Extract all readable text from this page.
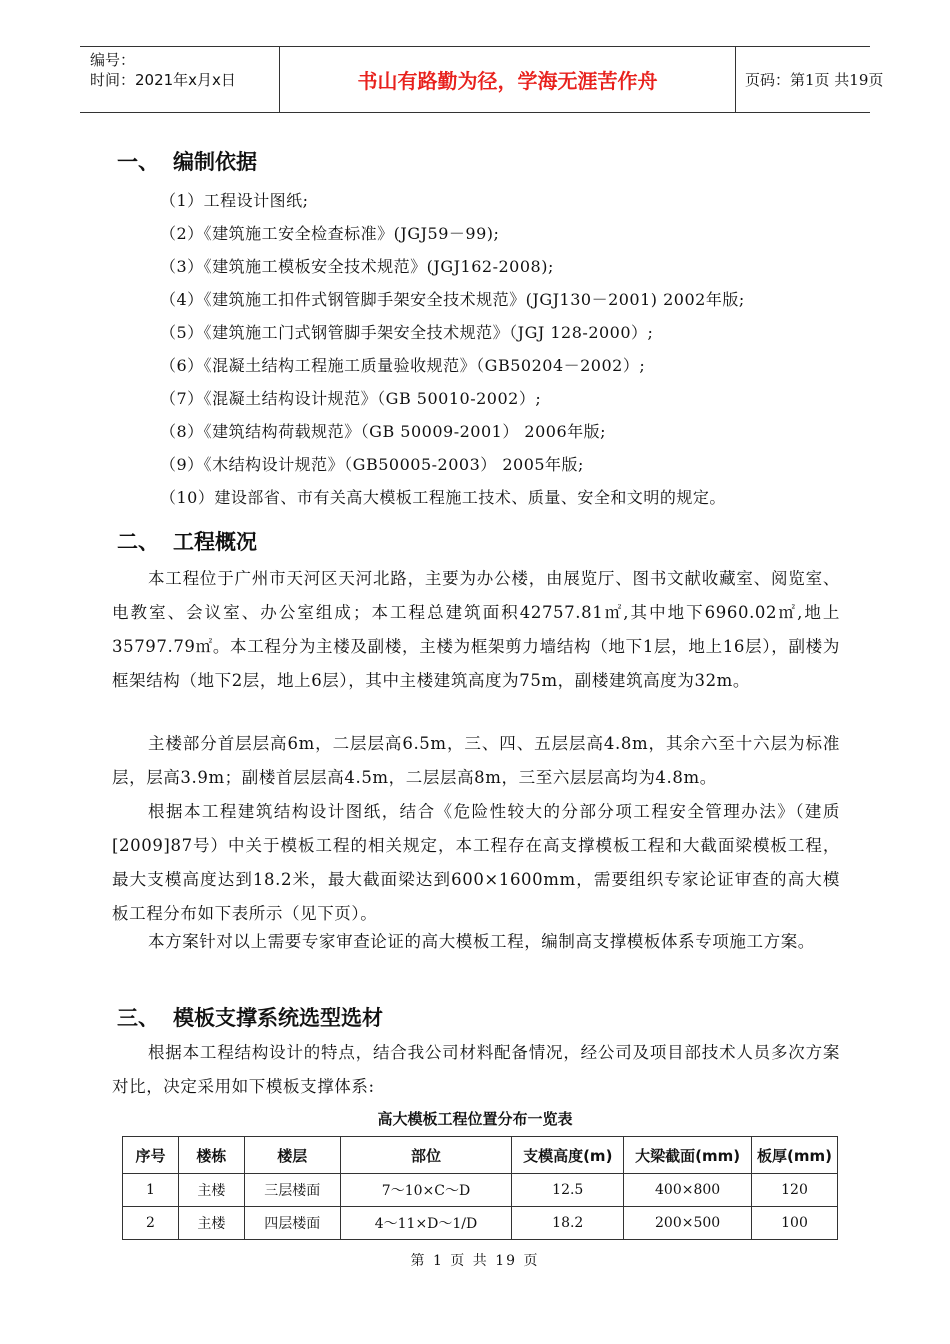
编号：
时间：2021年x月x日	书山有路勤为径，学海无涯苦作舟	页码：第1页 共19页
一、 编制依据
（1）工程设计图纸;
（2）《建筑施工安全检查标准》(JGJ59－99);
（3）《建筑施工模板安全技术规范》(JGJ162-2008);
（4）《建筑施工扣件式钢管脚手架安全技术规范》(JGJ130－2001) 2002年版;
（5）《建筑施工门式钢管脚手架安全技术规范》（JGJ 128-2000）;
（6）《混凝土结构工程施工质量验收规范》（GB50204－2002）;
（7）《混凝土结构设计规范》（GB 50010-2002）;
（8）《建筑结构荷载规范》（GB 50009-2001） 2006年版;
（9）《木结构设计规范》（GB50005-2003） 2005年版;
（10）建设部省、市有关高大模板工程施工技术、质量、安全和文明的规定。
二、 工程概况
本工程位于广州市天河区天河北路，主要为办公楼，由展览厅、图书文献收藏室、阅览室、电教室、会议室、办公室组成；本工程总建筑面积42757.81㎡,其中地下6960.02㎡,地上35797.79㎡。本工程分为主楼及副楼，主楼为框架剪力墙结构（地下1层，地上16层），副楼为框架结构（地下2层，地上6层），其中主楼建筑高度为75m，副楼建筑高度为32m。
主楼部分首层层高6m，二层层高6.5m，三、四、五层层高4.8m，其余六至十六层为标准层，层高3.9m；副楼首层层高4.5m，二层层高8m，三至六层层高均为4.8m。
根据本工程建筑结构设计图纸，结合《危险性较大的分部分项工程安全管理办法》（建质[2009]87号）中关于模板工程的相关规定，本工程存在高支撑模板工程和大截面梁模板工程，最大支模高度达到18.2米，最大截面梁达到600×1600mm，需要组织专家论证审查的高大模板工程分布如下表所示（见下页）。
本方案针对以上需要专家审查论证的高大模板工程，编制高支撑模板体系专项施工方案。
三、 模板支撑系统选型选材
根据本工程结构设计的特点，结合我公司材料配备情况，经公司及项目部技术人员多次方案对比，决定采用如下模板支撑体系:
高大模板工程位置分布一览表
序号	楼栋	楼层	部位	支模高度(m)	大梁截面(mm)	板厚(mm)
1	主楼	三层楼面	7～10×C～D	12.5	400×800	120
2	主楼	四层楼面	4～11×D～1/D	18.2	200×500	100
第 1 页 共 19 页
